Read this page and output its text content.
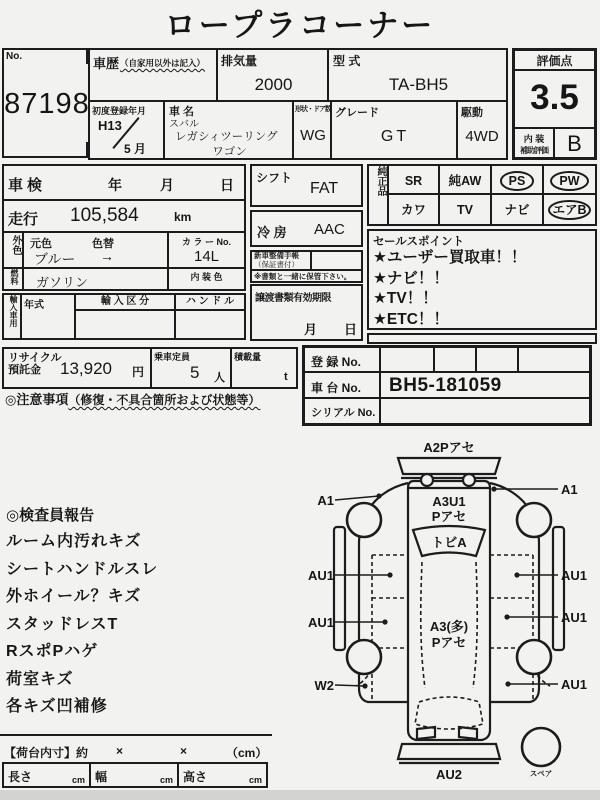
ロープラコーナー
No.
87198
車歴 （自家用以外は記入） 排気量
2000
型 式
TA-BH5
初度登録年月
H13
5 月
車 名
スバル
レガシィツーリング
ワゴン
形状・ドア数
WG
グレード
GT
駆動
4WD
評価点
3.5
内 装
補助評価 B
車検	年	月	日
走行 105,584	km
外色 元色	色替
ブルー →
カ ラ ー No.
14L
燃料	ガソリン	内 装 色
輸入車用 年式	輸 入 区 分	ハ ン ド ル
シフト
FAT
冷 房 AAC
新車整備手帳
（保証書付）
※書類と一緒に保管下さい。
譲渡書類有効期限
月 日
純正品	SR	純AW	PS	PW
カワ	TV	ナビ	エアB
セールスポイント
★ユーザー買取車！！
★ナビ！！
★TV！！
★ETC！！
リサイクル
預託金	13,920 円
乗車定員
5 人
積載量
t
登 録 No.
車 台 No. BH5-181059
シリアル No.
◎注意事項（修復・不具合箇所および状態等）
◎検査員報告
ルーム内汚れキズ
シートハンドルスレ
外ホイール？キズ
スタッドレスT
RスポPハゲ
荷室キズ
各キズ凹補修
A2Pアセ
A3U1
Pアセ
トビA
A3(多)
Pアセ
AU2	スペア
A1
AU1
AU1
W2
A1
AU1
AU1
AU1
【荷台内寸】約 ×	×	（cm）
長さ	cm 幅	cm 高さ	cm
